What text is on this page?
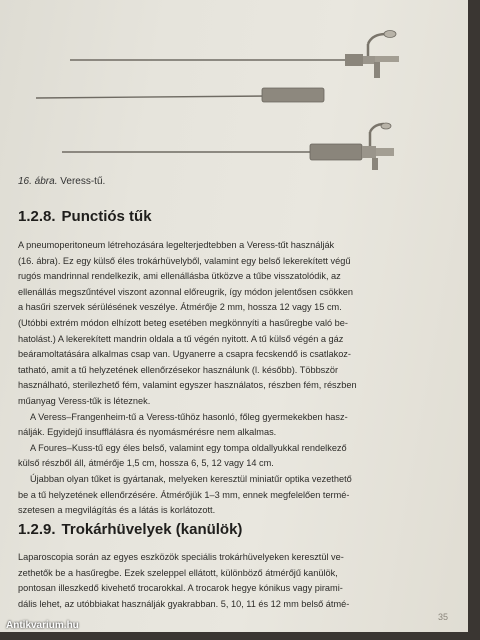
16. ábra. Veress-tű.
1.2.8. Punctiós tűk
A pneumoperitoneum létrehozására legelterjedtebben a Veress-tűt használják
(16. ábra). Ez egy külső éles trokárhüvelyből, valamint egy belső lekerekített végű
rugós mandrinnal rendelkezik, ami ellenállásba ütközve a tűbe visszatolódik, az
ellenállás megszűntével viszont azonnal előreugrik, így módon jelentősen csökken
a hasűri szervek sérülésének veszélye. Átmérője 2 mm, hossza 12 vagy 15 cm.
(Utóbbi extrém módon elhízott beteg esetében megkönnyíti a hasűregbe való be-
hatolást.) A lekerekített mandrin oldala a tű végén nyitott. A tű külső végén a gáz
beáramoltatására alkalmas csap van. Ugyanerre a csapra fecskendő is csatlakoz-
tatható, amit a tű helyzetének ellenőrzésekor használunk (l. később). Többször
használható, sterilezhető fém, valamint egyszer használatos, részben fém, részben
műanyag Veress-tűk is léteznek.
A Veress–Frangenheim-tű a Veress-tűhöz hasonló, főleg gyermekekben hasz-
nálják. Egyidejű insufflálásra és nyomásmérésre nem alkalmas.
A Foures–Kuss-tű egy éles belső, valamint egy tompa oldallyukkal rendelkező
külső részből áll, átmérője 1,5 cm, hossza 6, 5, 12 vagy 14 cm.
Újabban olyan tűket is gyártanak, melyeken keresztül miniatűr optika vezethető
be a tű helyzetének ellenőrzésére. Átmérőjük 1–3 mm, ennek megfelelően termé-
szetesen a megvilágítás és a látás is korlátozott.
1.2.9. Trokárhüvelyek (kanülök)
Laparoscopia során az egyes eszközök speciális trokárhüvelyeken keresztül ve-
zethetők be a hasűregbe. Ezek szeleppel ellátott, különböző átmérőjű kanülök,
pontosan illeszkedő kivehető trocarokkal. A trocarok hegye kónikus vagy pirami-
dális lehet, az utóbbiakat használják gyakrabban. 5, 10, 11 és 12 mm belső átmé-
35
Antikvarium.hu
